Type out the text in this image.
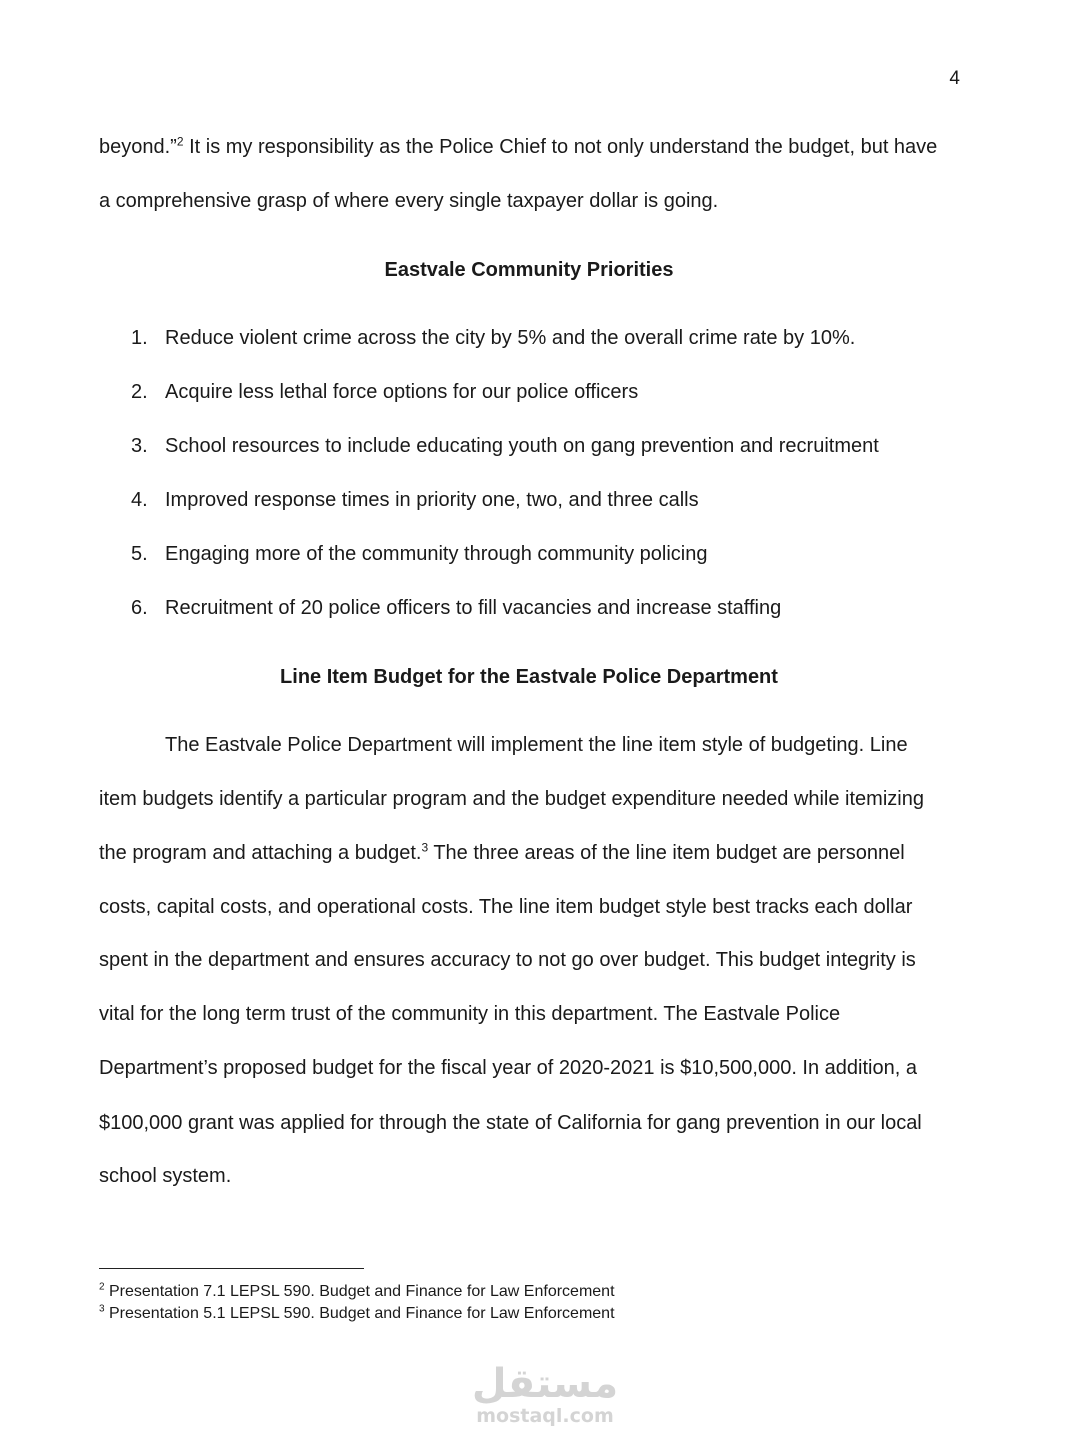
4
beyond.”$^2$ It is my responsibility as the Police Chief to not only understand the budget, but have
a comprehensive grasp of where every single taxpayer dollar is going.
Eastvale Community Priorities
1. Reduce violent crime across the city by 5% and the overall crime rate by 10%.
2. Acquire less lethal force options for our police officers
3. School resources to include educating youth on gang prevention and recruitment
4. Improved response times in priority one, two, and three calls
5. Engaging more of the community through community policing
6. Recruitment of 20 police officers to fill vacancies and increase staffing
Line Item Budget for the Eastvale Police Department
The Eastvale Police Department will implement the line item style of budgeting. Line
item budgets identify a particular program and the budget expenditure needed while itemizing
the program and attaching a budget.$^3$ The three areas of the line item budget are personnel
costs, capital costs, and operational costs. The line item budget style best tracks each dollar
spent in the department and ensures accuracy to not go over budget. This budget integrity is
vital for the long term trust of the community in this department. The Eastvale Police
Department’s proposed budget for the fiscal year of 2020-2021 is $10,500,000. In addition, a
$100,000 grant was applied for through the state of California for gang prevention in our local
school system.
$^2$ Presentation 7.1 LEPSL 590. Budget and Finance for Law Enforcement
$^3$ Presentation 5.1 LEPSL 590. Budget and Finance for Law Enforcement
مستقل
mostaql.com
